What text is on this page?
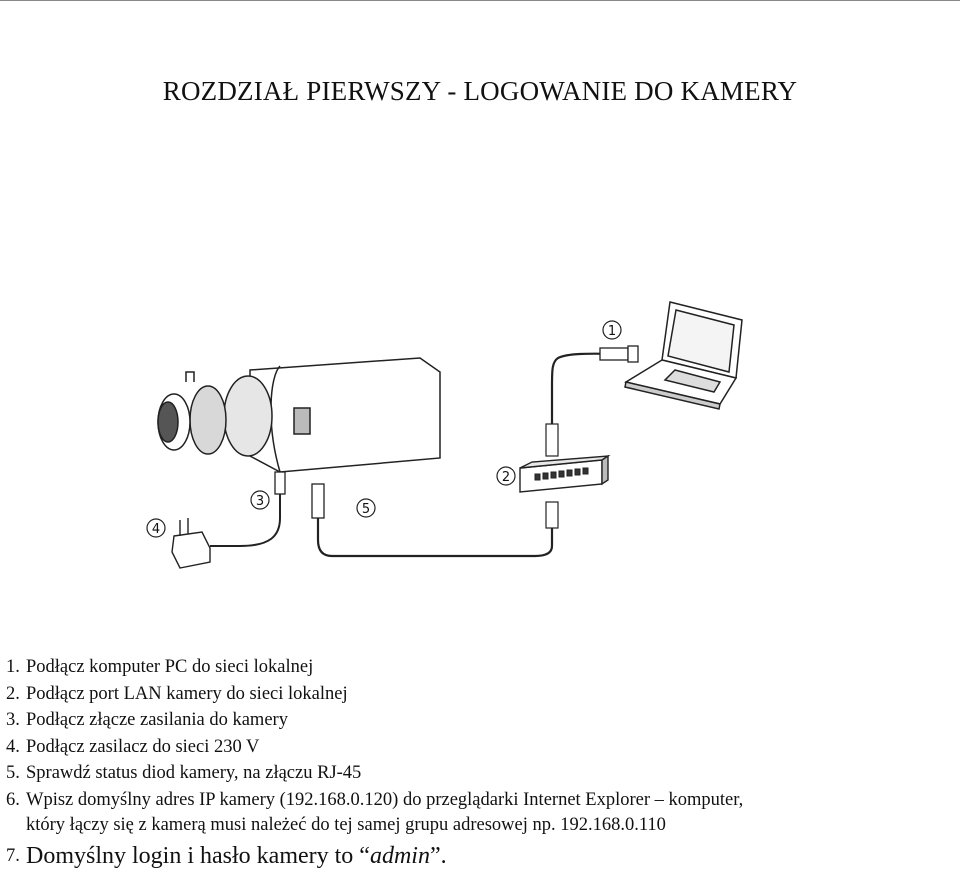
ROZDZIAŁ PIERWSZY - LOGOWANIE DO KAMERY
1
2
3
4
5
1. Podłącz komputer PC do sieci lokalnej
2. Podłącz port LAN kamery do sieci lokalnej
3. Podłącz złącze zasilania do kamery
4. Podłącz zasilacz do sieci 230 V
5. Sprawdź status diod kamery, na złączu RJ-45
6. Wpisz domyślny adres IP kamery (192.168.0.120) do przeglądarki Internet Explorer – komputer,
który łączy się z kamerą musi należeć do tej samej grupu adresowej np. 192.168.0.110
7. Domyślny login i hasło kamery to “admin”.
